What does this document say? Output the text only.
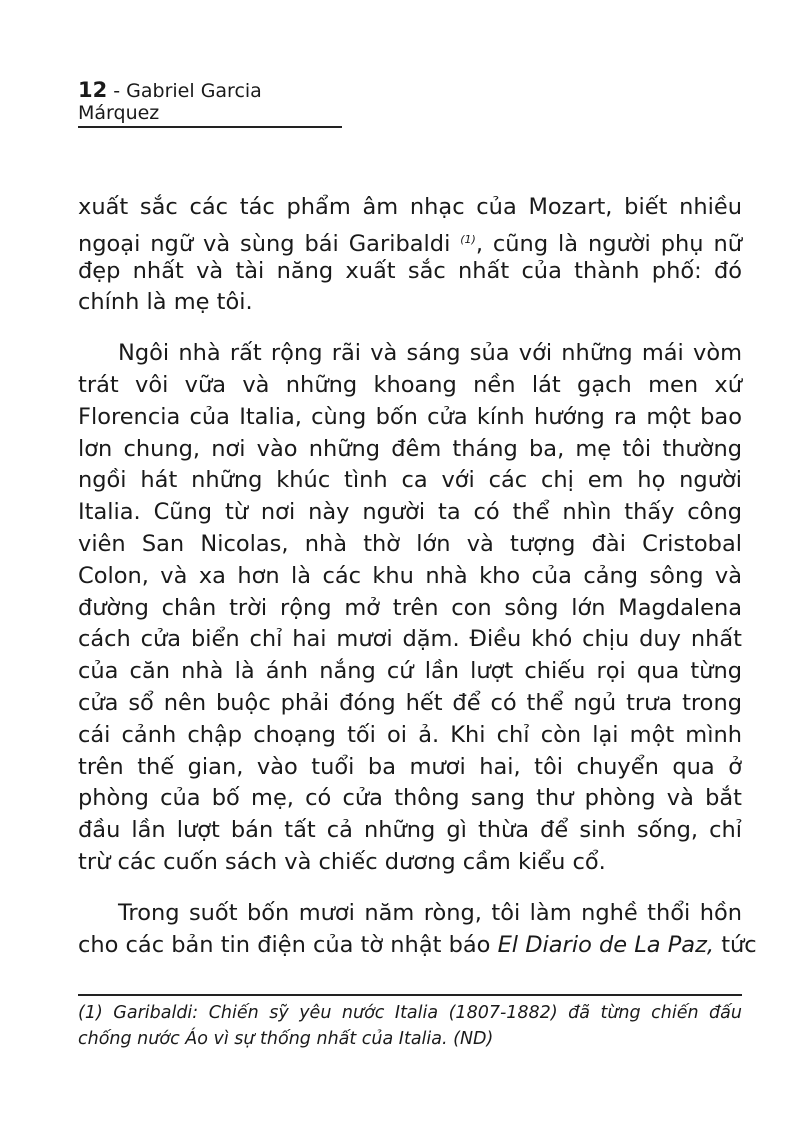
12 - Gabriel Garcia Márquez
xuất sắc các tác phẩm âm nhạc của Mozart, biết nhiều
ngoại ngữ và sùng bái Garibaldi $^{(1)}$, cũng là người phụ nữ
đẹp nhất và tài năng xuất sắc nhất của thành phố: đó
chính là mẹ tôi.
Ngôi nhà rất rộng rãi và sáng sủa với những mái vòm
trát vôi vữa và những khoang nền lát gạch men xứ
Florencia của Italia, cùng bốn cửa kính hướng ra một bao
lơn chung, nơi vào những đêm tháng ba, mẹ tôi thường
ngồi hát những khúc tình ca với các chị em họ người
Italia. Cũng từ nơi này người ta có thể nhìn thấy công
viên San Nicolas, nhà thờ lớn và tượng đài Cristobal
Colon, và xa hơn là các khu nhà kho của cảng sông và
đường chân trời rộng mở trên con sông lớn Magdalena
cách cửa biển chỉ hai mươi dặm. Điều khó chịu duy nhất
của căn nhà là ánh nắng cứ lần lượt chiếu rọi qua từng
cửa sổ nên buộc phải đóng hết để có thể ngủ trưa trong
cái cảnh chập choạng tối oi ả. Khi chỉ còn lại một mình
trên thế gian, vào tuổi ba mươi hai, tôi chuyển qua ở
phòng của bố mẹ, có cửa thông sang thư phòng và bắt
đầu lần lượt bán tất cả những gì thừa để sinh sống, chỉ
trừ các cuốn sách và chiếc dương cầm kiểu cổ.
Trong suốt bốn mươi năm ròng, tôi làm nghề thổi hồn
cho các bản tin điện của tờ nhật báo El Diario de La Paz, tức
(1) Garibaldi: Chiến sỹ yêu nước Italia (1807-1882) đã từng chiến đấu
chống nước Áo vì sự thống nhất của Italia. (ND)
